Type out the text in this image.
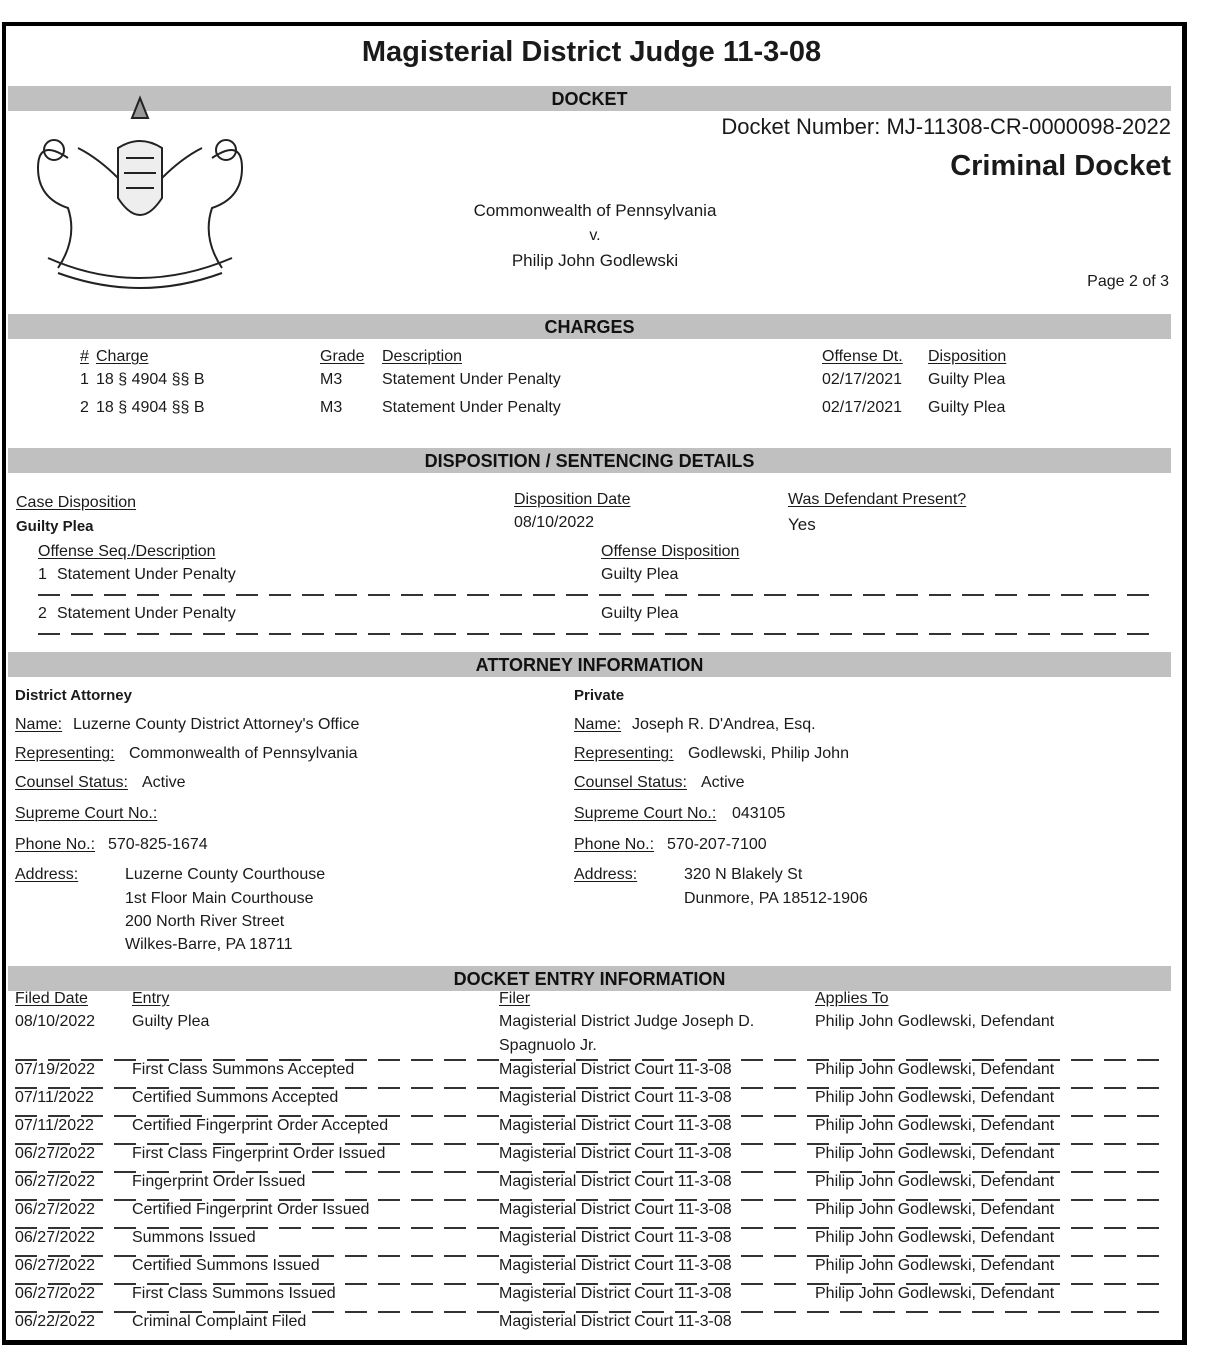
Magisterial District Judge 11-3-08
DOCKET
Docket Number: MJ-11308-CR-0000098-2022
Criminal Docket
Commonwealth of Pennsylvania
v.
Philip John Godlewski
Page 2 of 3
CHARGES
# Charge	Grade Description	Offense Dt. Disposition
1 18 § 4904 §§ B	M3 Statement Under Penalty	02/17/2021 Guilty Plea
2 18 § 4904 §§ B	M3 Statement Under Penalty	02/17/2021 Guilty Plea
DISPOSITION / SENTENCING DETAILS
Case Disposition
Guilty Plea
Disposition Date
08/10/2022
Was Defendant Present?
Yes
Offense Seq./Description	Offense Disposition
1 Statement Under Penalty	Guilty Plea
2 Statement Under Penalty	Guilty Plea
ATTORNEY INFORMATION
District Attorney
Name: Luzerne County District Attorney's Office
Representing: Commonwealth of Pennsylvania
Counsel Status: Active
Supreme Court No.:
Phone No.: 570-825-1674
Address:	Luzerne County Courthouse
1st Floor Main Courthouse
200 North River Street
Wilkes-Barre, PA 18711
Private
Name: Joseph R. D'Andrea, Esq.
Representing: Godlewski, Philip John
Counsel Status: Active
Supreme Court No.: 043105
Phone No.: 570-207-7100
Address:	320 N Blakely St
Dunmore, PA 18512-1906
DOCKET ENTRY INFORMATION
Filed Date	Entry	Filer	Applies To
08/10/2022 Guilty Plea	Magisterial District Judge Joseph D.	Philip John Godlewski, Defendant
Spagnuolo Jr.
07/19/2022 First Class Summons Accepted	Magisterial District Court 11-3-08	Philip John Godlewski, Defendant
07/11/2022 Certified Summons Accepted	Magisterial District Court 11-3-08	Philip John Godlewski, Defendant
07/11/2022 Certified Fingerprint Order Accepted	Magisterial District Court 11-3-08	Philip John Godlewski, Defendant
06/27/2022 First Class Fingerprint Order Issued	Magisterial District Court 11-3-08	Philip John Godlewski, Defendant
06/27/2022 Fingerprint Order Issued	Magisterial District Court 11-3-08	Philip John Godlewski, Defendant
06/27/2022 Certified Fingerprint Order Issued	Magisterial District Court 11-3-08	Philip John Godlewski, Defendant
06/27/2022 Summons Issued	Magisterial District Court 11-3-08	Philip John Godlewski, Defendant
06/27/2022 Certified Summons Issued	Magisterial District Court 11-3-08	Philip John Godlewski, Defendant
06/27/2022 First Class Summons Issued	Magisterial District Court 11-3-08	Philip John Godlewski, Defendant
06/22/2022 Criminal Complaint Filed	Magisterial District Court 11-3-08
